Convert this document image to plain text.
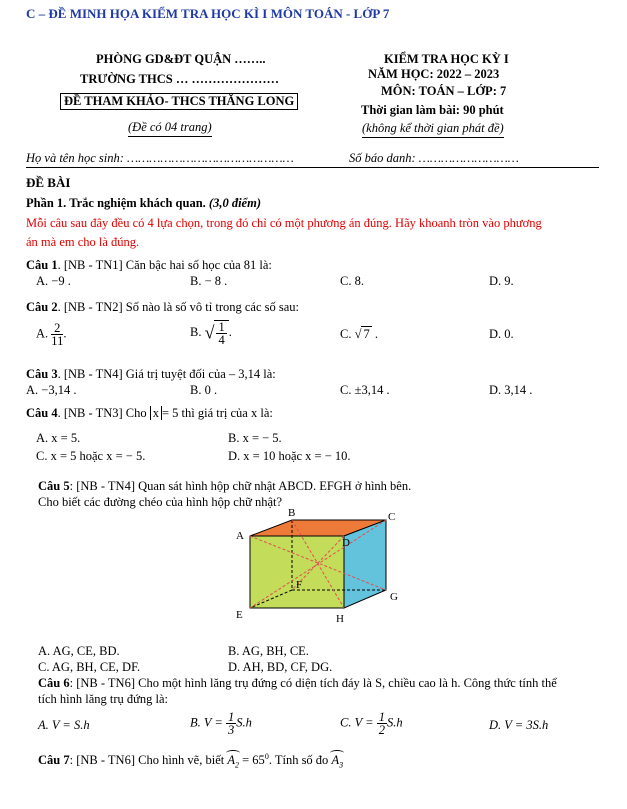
C – ĐỀ MINH HỌA KIỂM TRA HỌC KÌ I MÔN TOÁN - LỚP 7
PHÒNG GD&ĐT QUẬN ……..
TRƯỜNG THCS … …………………
ĐỀ THAM KHẢO- THCS THĂNG LONG
(Đề có 04 trang)
KIỂM TRA HỌC KỲ I
NĂM HỌC: 2022 – 2023
MÔN: TOÁN – LỚP: 7
Thời gian làm bài: 90 phút
(không kể thời gian phát đề)
Họ và tên học sinh: ………………………………………	Số báo danh: ………………………
ĐỀ BÀI
Phần 1. Trắc nghiệm khách quan. (3,0 điểm)
Mỗi câu sau đây đều có 4 lựa chọn, trong đó chỉ có một phương án đúng. Hãy khoanh tròn vào phương
án mà em cho là đúng.
Câu 1. [NB - TN1] Căn bậc hai số học của 81 là:
A. −9 .	B. − 8 .	C. 8.	D. 9.
Câu 2. [NB - TN2] Số nào là số vô tỉ trong các số sau:
A. $\frac{2}{11}$ .	B. √ $\frac{1}{4}$ .	C. √ 7 .	D. 0.
Câu 3. [NB - TN4] Giá trị tuyệt đối của – 3,14 là:
A. −3,14 .	B. 0 .	C. ±3,14 .	D. 3,14 .
Câu 4. [NB - TN3] Cho x = 5 thì giá trị của x là:
A. x = 5.	B. x = − 5.
C. x = 5 hoặc x = − 5.	D. x = 10 hoặc x = − 10.
Câu 5: [NB - TN4] Quan sát hình hộp chữ nhật ABCD. EFGH ở hình bên.
Cho biết các đường chéo của hình hộp chữ nhật?
A
B	C
D
E
F
G
H
A. AG, CE, BD.	B. AG, BH, CE.
C. AG, BH, CE, DF.	D. AH, BD, CF, DG.
Câu 6: [NB - TN6] Cho một hình lăng trụ đứng có diện tích đáy là S, chiều cao là h. Công thức tính thể
tích hình lăng trụ đứng là:
A. V = S.h	B. $V = \frac{1}{3} S.h$	C. $V = \frac{1}{2} S.h$	D. V = 3S.h
Câu 7: [NB - TN6] Cho hình vẽ, biết $A_2 = 65^0$. Tính số đo $A_3$
